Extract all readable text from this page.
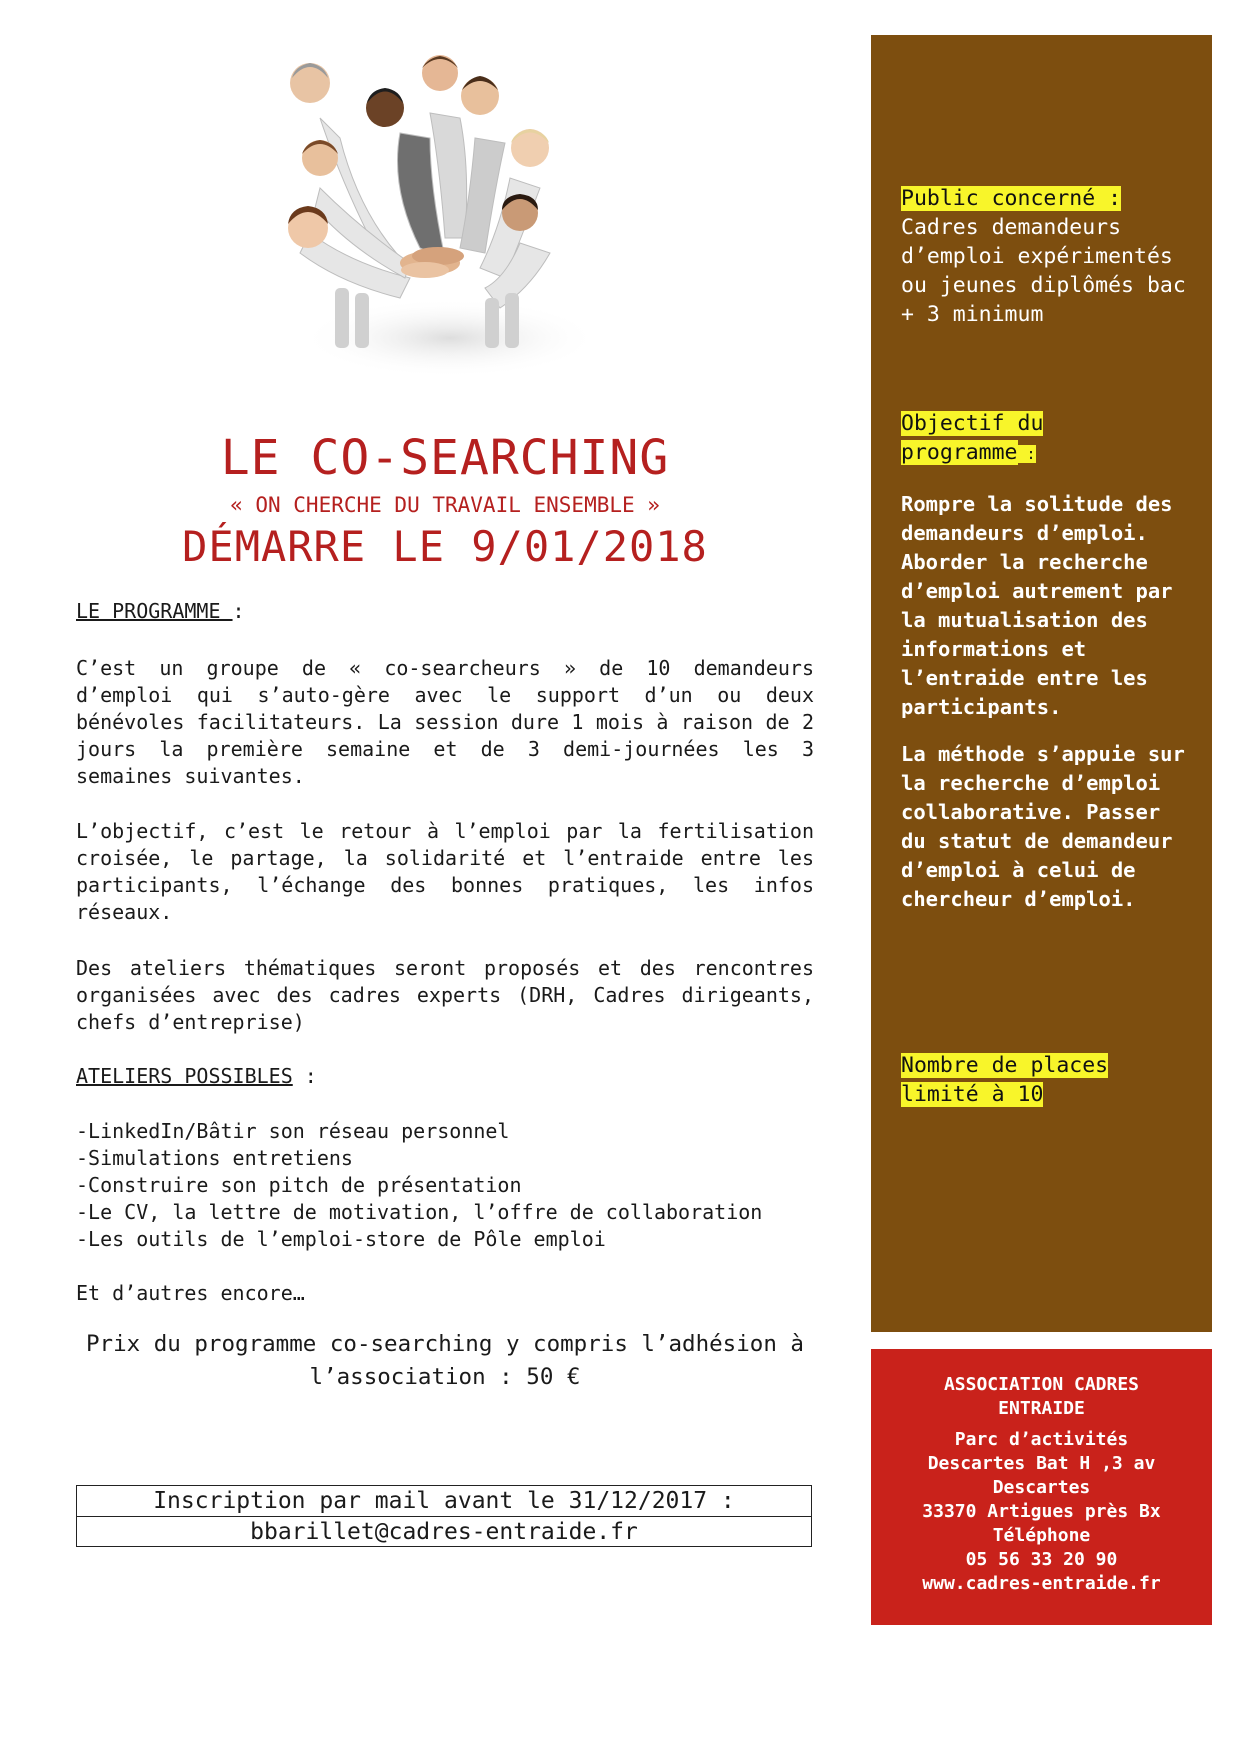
LE CO-SEARCHING
« ON CHERCHE DU TRAVAIL ENSEMBLE »
DÉMARRE LE 9/01/2018
LE PROGRAMME :
C’est un groupe de « co-searcheurs » de 10 demandeurs d’emploi qui s’auto-gère avec le support d’un ou deux bénévoles facilitateurs. La session dure 1 mois à raison de 2 jours la première semaine et de 3 demi-journées les 3 semaines suivantes.
L’objectif, c’est le retour à l’emploi par la fertilisation croisée, le partage, la solidarité et l’entraide entre les participants, l’échange des bonnes pratiques, les infos réseaux.
Des ateliers thématiques seront proposés et des rencontres organisées avec des cadres experts (DRH, Cadres dirigeants, chefs d’entreprise)
ATELIERS POSSIBLES :
-LinkedIn/Bâtir son réseau personnel
-Simulations entretiens
-Construire son pitch de présentation
-Le CV, la lettre de motivation, l’offre de collaboration
-Les outils de l’emploi-store de Pôle emploi
Et d’autres encore…
Prix du programme co-searching y compris l’adhésion à
l’association : 50 €
Inscription par mail avant le 31/12/2017 :
bbarillet@cadres-entraide.fr
Public concerné :
Cadres demandeurs d’emploi expérimentés ou jeunes diplômés bac + 3 minimum
Objectif du
programme :
Rompre la solitude des demandeurs d’emploi. Aborder la recherche d’emploi autrement par la mutualisation des informations et l’entraide entre les participants.
La méthode s’appuie sur la recherche d’emploi collaborative. Passer du statut de demandeur d’emploi à celui de chercheur d’emploi.
Nombre de places
limité à 10
ASSOCIATION CADRES
ENTRAIDE
Parc d’activités
Descartes Bat H ,3 av
Descartes
33370 Artigues près Bx
Téléphone
05 56 33 20 90
www.cadres-entraide.fr
